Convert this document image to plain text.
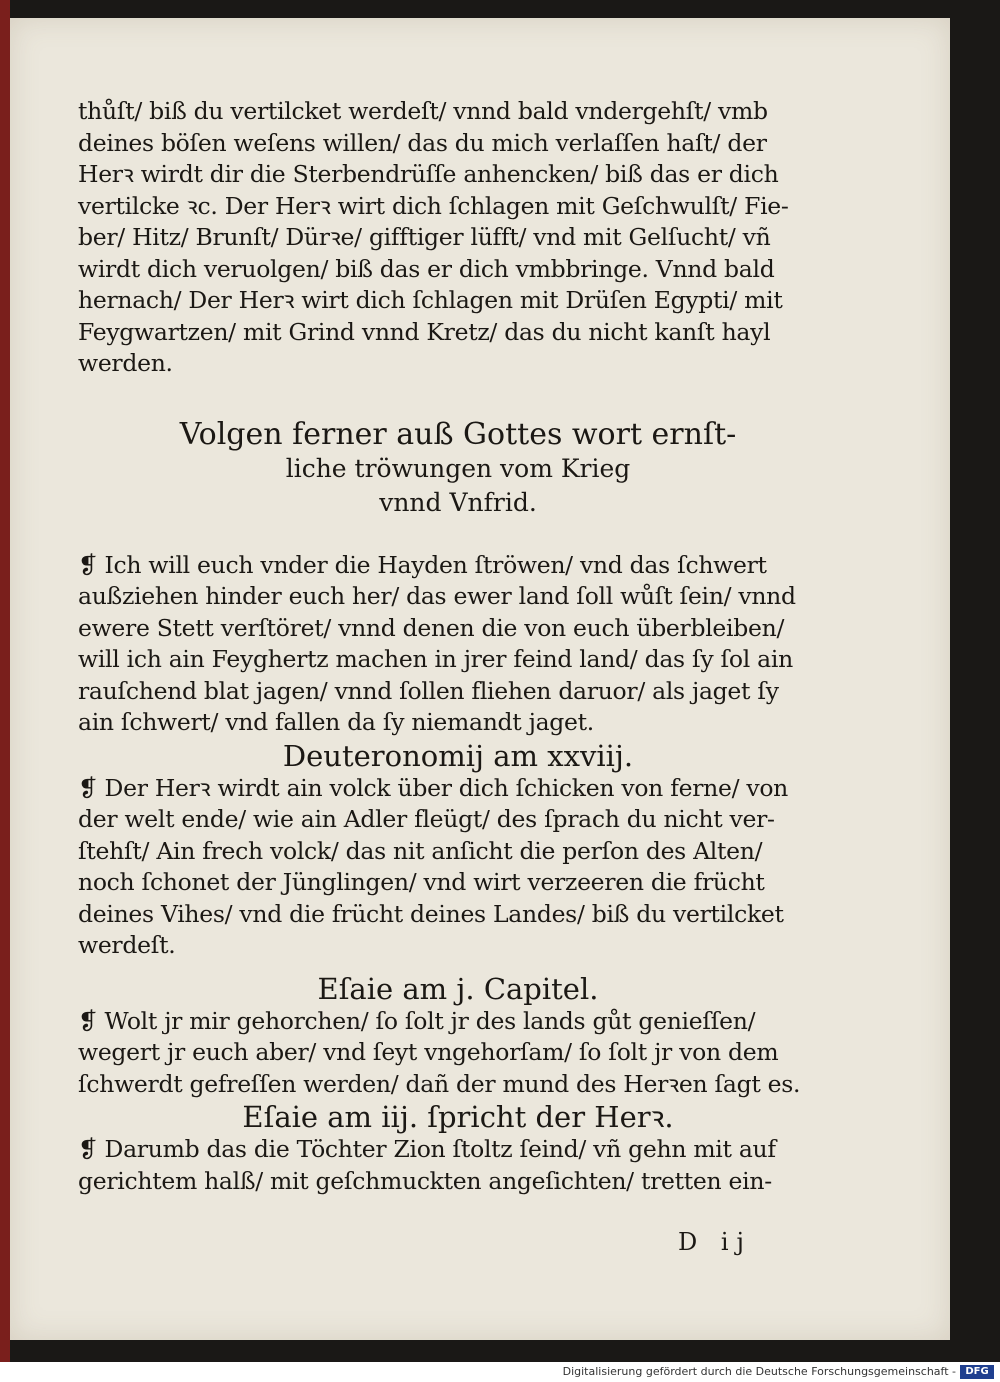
thůſt/ biß du vertilcket werdeſt/ vnnd bald vndergehſt/ vmb
deines böſen weſens willen/ das du mich verlaſſen haſt/ der
Herꝛ wirdt dir die Sterbendrüſſe anhencken/ biß das er dich
vertilcke ꝛc. Der Herꝛ wirt dich ſchlagen mit Geſchwulſt/ Fie-
ber/ Hitz/ Brunſt/ Dürꝛe/ gifftiger lüfft/ vnd mit Gelſucht/ vñ
wirdt dich veruolgen/ biß das er dich vmbbringe. Vnnd bald
hernach/ Der Herꝛ wirt dich ſchlagen mit Drüſen Egypti/ mit
Feygwartzen/ mit Grind vnnd Kretz/ das du nicht kanſt hayl
werden.
Volgen ferner auß Gottes wort ernſt-
liche tröwungen vom Krieg
vnnd Vnfrid.
❡ Ich will euch vnder die Hayden ſtröwen/ vnd das ſchwert
außziehen hinder euch her/ das ewer land ſoll wůſt ſein/ vnnd
ewere Stett verſtöret/ vnnd denen die von euch überbleiben/
will ich ain Feyghertz machen in jrer feind land/ das ſy ſol ain
rauſchend blat jagen/ vnnd ſollen fliehen daruor/ als jaget ſy
ain ſchwert/ vnd fallen da ſy niemandt jaget.
Deuteronomij am xxviij.
❡ Der Herꝛ wirdt ain volck über dich ſchicken von ferne/ von
der welt ende/ wie ain Adler fleügt/ des ſprach du nicht ver-
ſtehſt/ Ain frech volck/ das nit anſicht die perſon des Alten/
noch ſchonet der Jünglingen/ vnd wirt verzeeren die frücht
deines Vihes/ vnd die frücht deines Landes/ biß du vertilcket
werdeſt.
Eſaie am j. Capitel.
❡ Wolt jr mir gehorchen/ ſo ſolt jr des lands gůt genieſſen/
wegert jr euch aber/ vnd ſeyt vngehorſam/ ſo ſolt jr von dem
ſchwerdt gefreſſen werden/ dañ der mund des Herꝛen ſagt es.
Eſaie am iij. ſpricht der Herꝛ.
❡ Darumb das die Töchter Zion ſtoltz ſeind/ vñ gehn mit auf
gerichtem halß/ mit geſchmuckten angeſichten/ tretten ein-
D ij
Digitalisierung gefördert durch die Deutsche Forschungsgemeinschaft - DFG
